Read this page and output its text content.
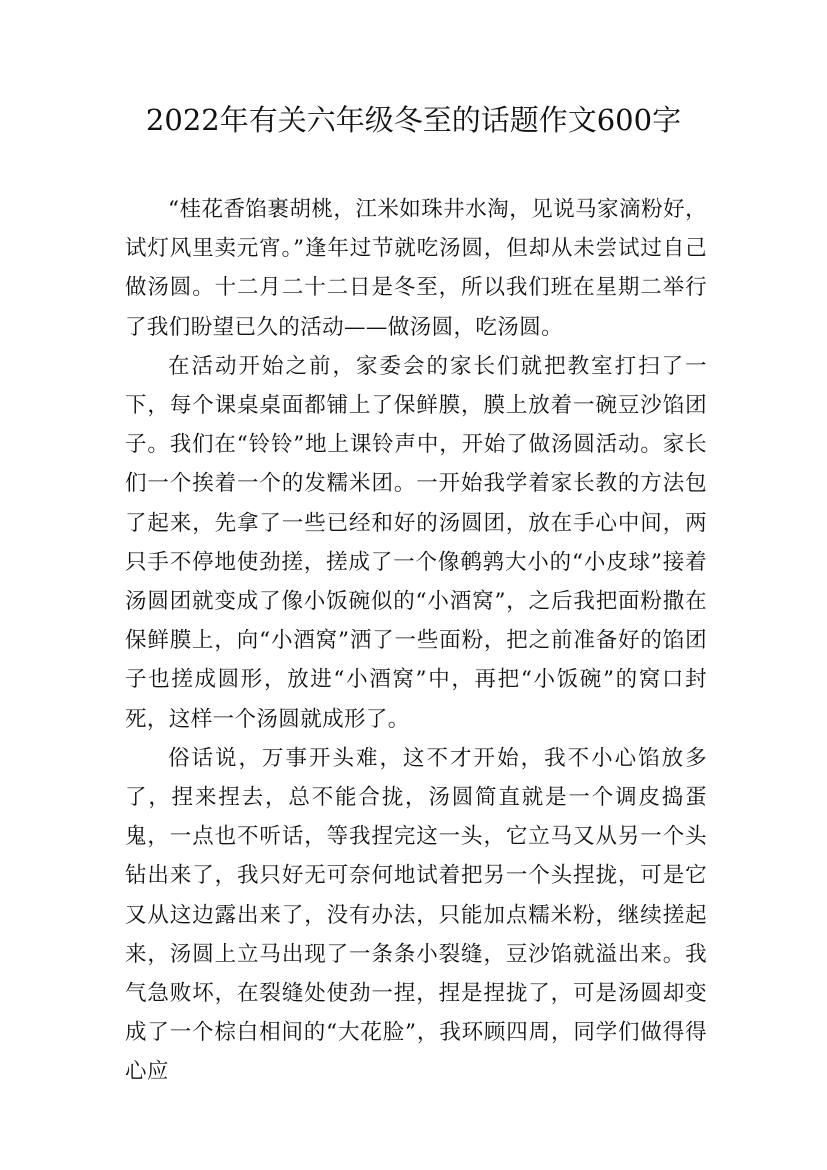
2022年有关六年级冬至的话题作文600字

“桂花香馅裹胡桃，江米如珠井水淘，见说马家滴粉好，试灯风里卖元宵。”逢年过节就吃汤圆，但却从未尝试过自己做汤圆。十二月二十二日是冬至，所以我们班在星期二举行了我们盼望已久的活动——做汤圆，吃汤圆。

在活动开始之前，家委会的家长们就把教室打扫了一下，每个课桌桌面都铺上了保鲜膜，膜上放着一碗豆沙馅团子。我们在“铃铃”地上课铃声中，开始了做汤圆活动。家长们一个挨着一个的发糯米团。一开始我学着家长教的方法包了起来，先拿了一些已经和好的汤圆团，放在手心中间，两只手不停地使劲搓，搓成了一个像鹌鹑大小的“小皮球”接着汤圆团就变成了像小饭碗似的“小酒窝”，之后我把面粉撒在保鲜膜上，向“小酒窝”洒了一些面粉，把之前准备好的馅团子也搓成圆形，放进“小酒窝”中，再把“小饭碗”的窝口封死，这样一个汤圆就成形了。

俗话说，万事开头难，这不才开始，我不小心馅放多了，捏来捏去，总不能合拢，汤圆简直就是一个调皮捣蛋鬼，一点也不听话，等我捏完这一头，它立马又从另一个头钻出来了，我只好无可奈何地试着把另一个头捏拢，可是它又从这边露出来了，没有办法，只能加点糯米粉，继续搓起来，汤圆上立马出现了一条条小裂缝，豆沙馅就溢出来。我气急败坏，在裂缝处使劲一捏，捏是捏拢了，可是汤圆却变成了一个棕白相间的“大花脸”，我环顾四周，同学们做得得心应
